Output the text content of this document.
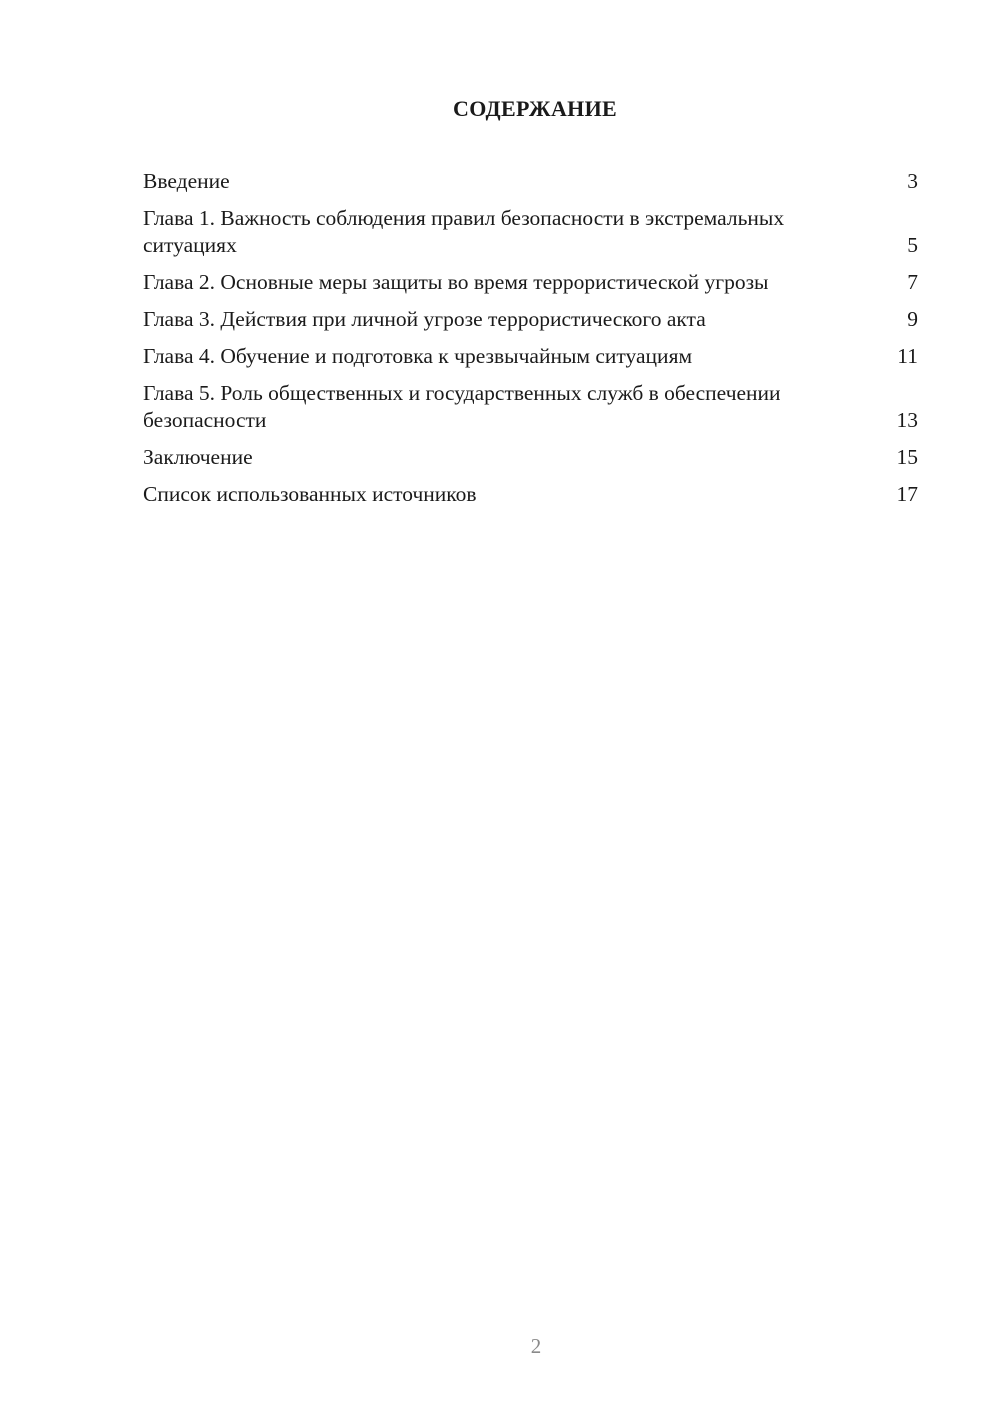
СОДЕРЖАНИЕ
Введение	3
Глава 1. Важность соблюдения правил безопасности в экстремальных ситуациях	5
Глава 2. Основные меры защиты во время террористической угрозы	7
Глава 3. Действия при личной угрозе террористического акта	9
Глава 4. Обучение и подготовка к чрезвычайным ситуациям	11
Глава 5. Роль общественных и государственных служб в обеспечении безопасности	13
Заключение	15
Список использованных источников	17
2
